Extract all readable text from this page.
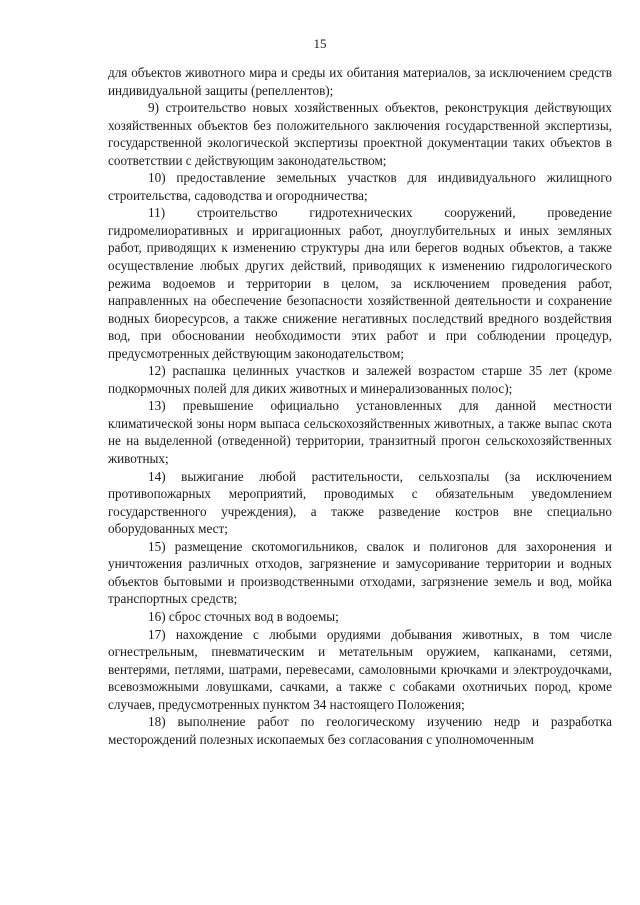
15

для объектов животного мира и среды их обитания материалов, за исключением средств индивидуальной защиты (репеллентов);

9) строительство новых хозяйственных объектов, реконструкция действующих хозяйственных объектов без положительного заключения государственной экспертизы, государственной экологической экспертизы проектной документации таких объектов в соответствии с действующим законодательством;

10) предоставление земельных участков для индивидуального жилищного строительства, садоводства и огородничества;

11) строительство гидротехнических сооружений, проведение гидромелиоративных и ирригационных работ, дноуглубительных и иных земляных работ, приводящих к изменению структуры дна или берегов водных объектов, а также осуществление любых других действий, приводящих к изменению гидрологического режима водоемов и территории в целом, за исключением проведения работ, направленных на обеспечение безопасности хозяйственной деятельности и сохранение водных биоресурсов, а также снижение негативных последствий вредного воздействия вод, при обосновании необходимости этих работ и при соблюдении процедур, предусмотренных действующим законодательством;

12) распашка целинных участков и залежей возрастом старше 35 лет (кроме подкормочных полей для диких животных и минерализованных полос);

13) превышение официально установленных для данной местности климатической зоны норм выпаса сельскохозяйственных животных, а также выпас скота не на выделенной (отведенной) территории, транзитный прогон сельскохозяйственных животных;

14) выжигание любой растительности, сельхозпалы (за исключением противопожарных мероприятий, проводимых с обязательным уведомлением государственного учреждения), а также разведение костров вне специально оборудованных мест;

15) размещение скотомогильников, свалок и полигонов для захоронения и уничтожения различных отходов, загрязнение и замусоривание территории и водных объектов бытовыми и производственными отходами, загрязнение земель и вод, мойка транспортных средств;

16) сброс сточных вод в водоемы;

17) нахождение с любыми орудиями добывания животных, в том числе огнестрельным, пневматическим и метательным оружием, капканами, сетями, вентерями, петлями, шатрами, перевесами, самоловными крючками и электроудочками, всевозможными ловушками, сачками, а также с собаками охотничьих пород, кроме случаев, предусмотренных пунктом 34 настоящего Положения;

18) выполнение работ по геологическому изучению недр и разработка месторождений полезных ископаемых без согласования с уполномоченным
